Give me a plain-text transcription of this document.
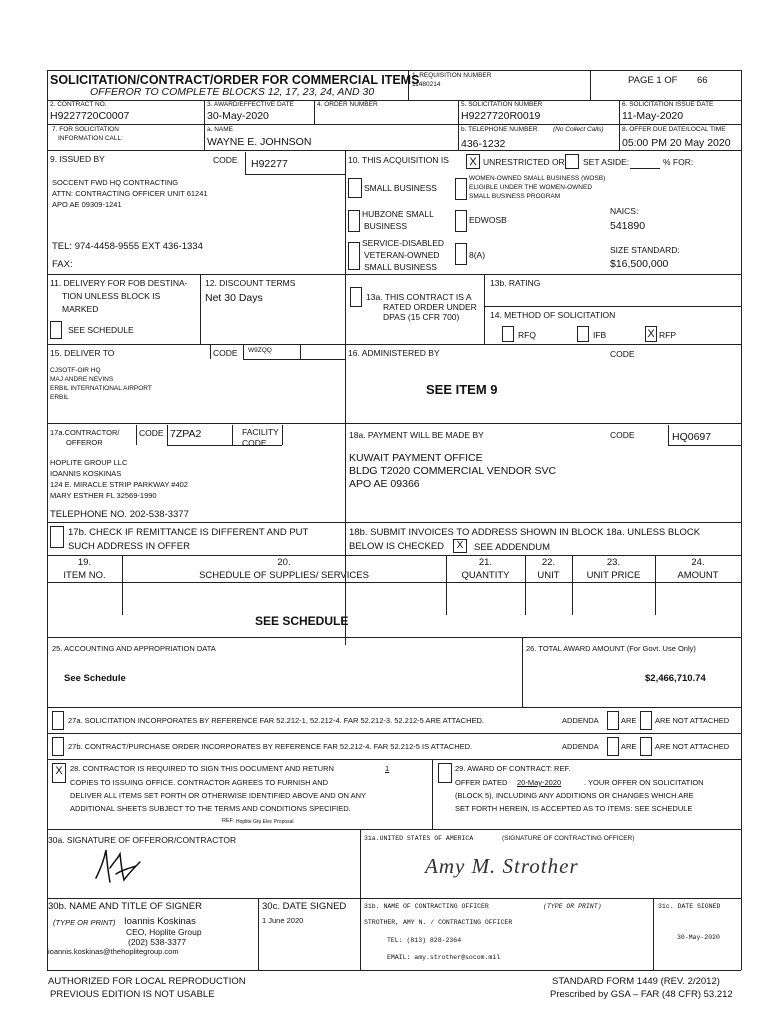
SOLICITATION/CONTRACT/ORDER FOR COMMERCIAL ITEMS
OFFEROR TO COMPLETE BLOCKS 12, 17, 23, 24, AND 30
1. REQUISITION NUMBER
11480214	PAGE 1 OF 66
2. CONTRACT NO.
H9227720C0007
3. AWARD/EFFECTIVE DATE
30-May-2020
4. ORDER NUMBER	5. SOLICITATION NUMBER
H9227720R0019
6. SOLICITATION ISSUE DATE
11-May-2020
7. FOR SOLICITATION
INFORMATION CALL:
a. NAME
WAYNE E. JOHNSON
b. TELEPHONE NUMBER (No Collect Calls)
436-1232
8. OFFER DUE DATE/LOCAL TIME
05:00 PM 20 May 2020
9. ISSUED BY	CODE H92277
SOCCENT FWD HQ CONTRACTING
ATTN: CONTRACTING OFFICER UNIT 61241
APO AE 09309-1241
TEL: 974-4458-9555 EXT 436-1334
FAX:
10. THIS ACQUISITION IS	X UNRESTRICTED OR SET ASIDE:	% FOR:
SMALL BUSINESS
WOMEN-OWNED SMALL BUSINESS (WOSB)
ELIGIBLE UNDER THE WOMEN-OWNED
SMALL BUSINESS PROGRAM
HUBZONE SMALL
BUSINESS
EDWOSB
NAICS:
541890
SERVICE-DISABLED
VETERAN-OWNED
SMALL BUSINESS
8(A)	SIZE STANDARD:
$16,500,000
11. DELIVERY FOR FOB DESTINA-
TION UNLESS BLOCK IS
MARKED
SEE SCHEDULE
12. DISCOUNT TERMS
Net 30 Days	13a. THIS CONTRACT IS A
RATED ORDER UNDER
DPAS (15 CFR 700)
13b. RATING
14. METHOD OF SOLICITATION
RFQ	IFB	X RFP
15. DELIVER TO	CODE W9ZQQ
CJSOTF-OIR HQ
MAJ ANDRE NEVINS
ERBIL INTERNATIONAL AIRPORT
ERBIL
16. ADMINISTERED BY	CODE
SEE ITEM 9
17a.CONTRACTOR/
OFFEROR
CODE 7ZPA2	FACILITY
CODE
HOPLITE GROUP LLC
IOANNIS KOSKINAS
124 E. MIRACLE STRIP PARKWAY #402
MARY ESTHER FL 32569-1990
TELEPHONE NO. 202-538-3377
17b. CHECK IF REMITTANCE IS DIFFERENT AND PUT
SUCH ADDRESS IN OFFER
18a. PAYMENT WILL BE MADE BY	CODE	HQ0697
KUWAIT PAYMENT OFFICE
BLDG T2020 COMMERCIAL VENDOR SVC
APO AE 09366
18b. SUBMIT INVOICES TO ADDRESS SHOWN IN BLOCK 18a. UNLESS BLOCK
BELOW IS CHECKED	X	SEE ADDENDUM
19.
ITEM NO.
20.
SCHEDULE OF SUPPLIES/ SERVICES
21.
QUANTITY
22.
UNIT
23.
UNIT PRICE
24.
AMOUNT
SEE SCHEDULE
25. ACCOUNTING AND APPROPRIATION DATA
See Schedule
26. TOTAL AWARD AMOUNT (For Govt. Use Only)
$2,466,710.74
27a. SOLICITATION INCORPORATES BY REFERENCE FAR 52.212-1, 52.212-4. FAR 52.212-3. 52.212-5 ARE ATTACHED.	ADDENDA	ARE ARE NOT ATTACHED
27b. CONTRACT/PURCHASE ORDER INCORPORATES BY REFERENCE FAR 52.212-4. FAR 52.212-5 IS ATTACHED.	ADDENDA	ARE ARE NOT ATTACHED
X 28. CONTRACTOR IS REQUIRED TO SIGN THIS DOCUMENT AND RETURN	1
COPIES TO ISSUING OFFICE. CONTRACTOR AGREES TO FURNISH AND
DELIVER ALL ITEMS SET FORTH OR OTHERWISE IDENTIFIED ABOVE AND ON ANY
ADDITIONAL SHEETS SUBJECT TO THE TERMS AND CONDITIONS SPECIFIED.
REF: Hoplite Grp Elec Proposal
29. AWARD OF CONTRACT: REF.
OFFER DATED 20-May-2020	. YOUR OFFER ON SOLICITATION
(BLOCK 5), INCLUDING ANY ADDITIONS OR CHANGES WHICH ARE
SET FORTH HEREIN, IS ACCEPTED AS TO ITEMS: SEE SCHEDULE
30a. SIGNATURE OF OFFEROR/CONTRACTOR	31a.UNITED STATES OF AMERICA	(SIGNATURE OF CONTRACTING OFFICER)
Amy M. Strother
30b. NAME AND TITLE OF SIGNER
(TYPE OR PRINT) Ioannis Koskinas
CEO, Hoplite Group
(202) 538-3377
ioannis.koskinas@thehoplitegroup.com
30c. DATE SIGNED
1 June 2020
31b. NAME OF CONTRACTING OFFICER	(TYPE OR PRINT)
STROTHER, AMY N. / CONTRACTING OFFICER
TEL: (813) 828-2364
EMAIL: amy.strother@socom.mil
31c. DATE SIGNED
30-May-2020
AUTHORIZED FOR LOCAL REPRODUCTION
PREVIOUS EDITION IS NOT USABLE
STANDARD FORM 1449 (REV. 2/2012)
Prescribed by GSA – FAR (48 CFR) 53.212
